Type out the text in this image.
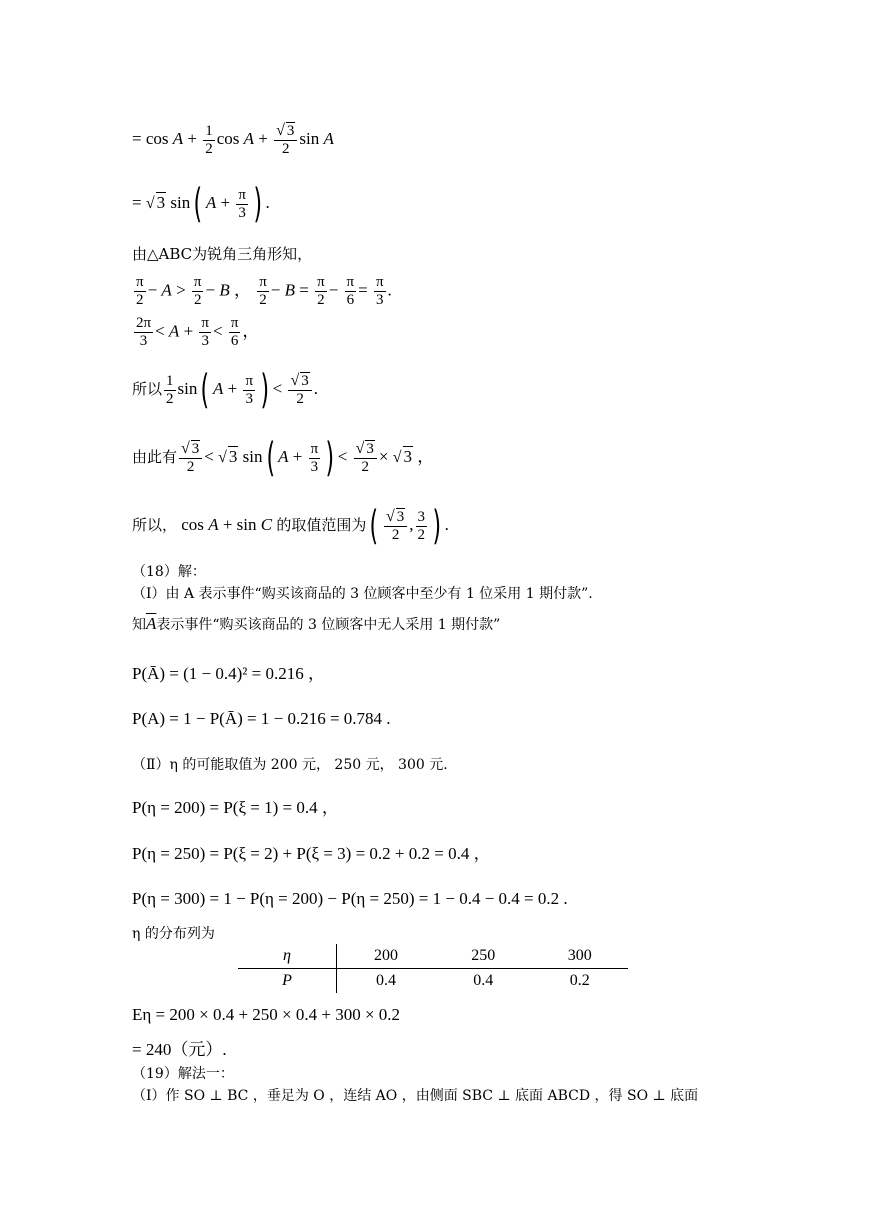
= $\cos A + \frac{1}{2}$ $\cos A + \frac{√ 3}{2}$ sin A
= √ 3 sin( $A + \frac{\pi}{3}$ ) .
由△ABC为锐角三角形知，
$\frac{\pi}{2} - A > \frac{\pi}{2} - B$ ， $\frac{\pi}{2} - B = \frac{\pi}{2} - \frac{\pi}{6} = \frac{\pi}{3}$ .
$\frac{2\pi}{3} < A + \frac{\pi}{3} < \frac{\pi}{6}$ ，
所以 $\frac{1}{2} \sin$( $A + \frac{\pi}{3}$ ) < $\frac{√ 3}{2}$ .
由此有 $\frac{√ 3}{2}$ < √ 3 sin( $A + \frac{\pi}{3}$ ) < $\frac{√ 3}{2}$ × √ 3 ，
所以， cos A + sin C 的取值范围为( $\frac{√ 3}{2}$ , $\frac{3}{2}$ ) .
（18）解：
（Ⅰ）由 A 表示事件“购买该商品的 3 位顾客中至少有 1 位采用 1 期付款”.
知$\overline{A}$表示事件“购买该商品的 3 位顾客中无人采用 1 期付款”
P(Ā) = (1 − 0.4)² = 0.216 ，
P(A) = 1 − P(Ā) = 1 − 0.216 = 0.784 .
（Ⅱ）η 的可能取值为 200 元， 250 元， 300 元.
P(η = 200) = P(ξ = 1) = 0.4 ，
P(η = 250) = P(ξ = 2) + P(ξ = 3) = 0.2 + 0.2 = 0.4 ，
P(η = 300) = 1 − P(η = 200) − P(η = 250) = 1 − 0.4 − 0.4 = 0.2 .
η 的分布列为
η	200	250	300
P	0.4	0.4	0.2
Eη = 200 × 0.4 + 250 × 0.4 + 300 × 0.2
= 240（元）.
（19）解法一：
（Ⅰ）作 SO ⊥ BC ，垂足为 O ，连结 AO ，由侧面 SBC ⊥ 底面 ABCD ，得 SO ⊥ 底面
